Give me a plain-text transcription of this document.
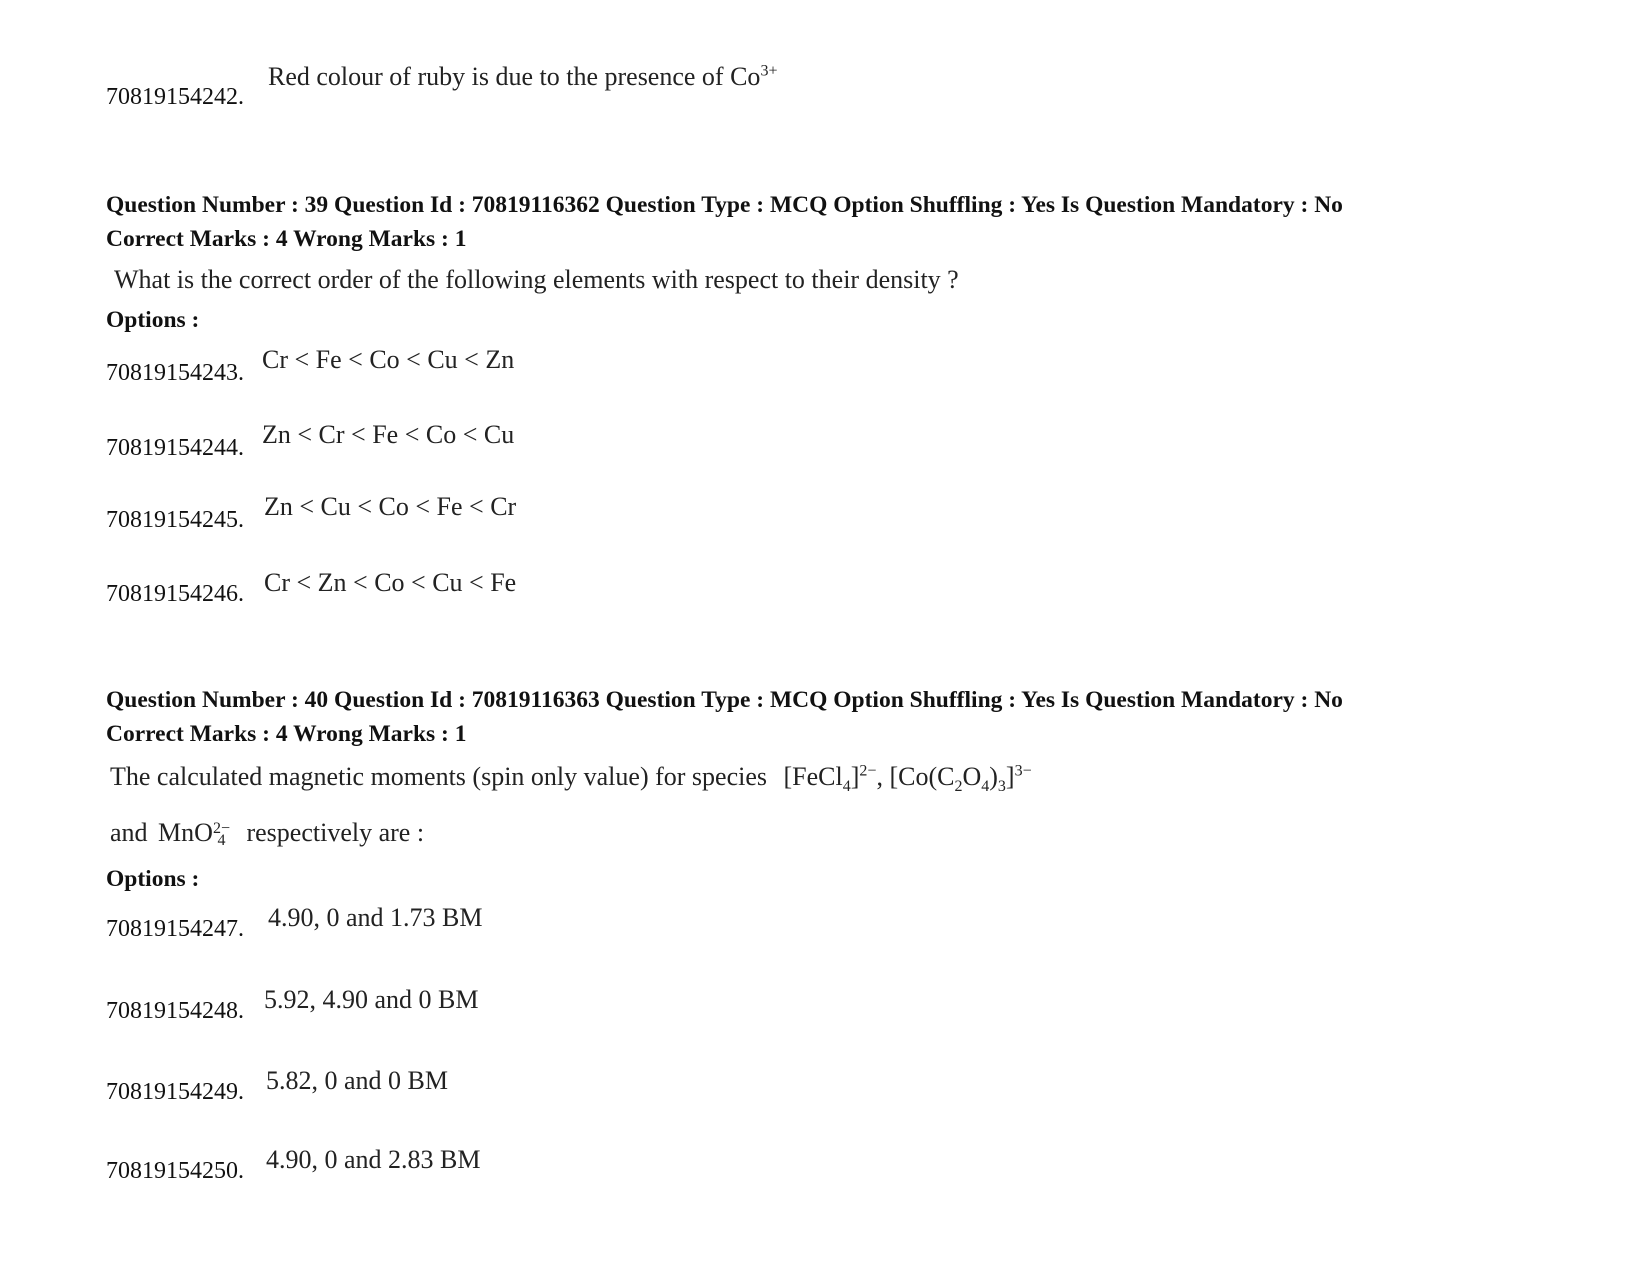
70819154242.
Red colour of ruby is due to the presence of $Co^{3+}$
Question Number : 39 Question Id : 70819116362 Question Type : MCQ Option Shuffling : Yes Is Question Mandatory : No
Correct Marks : 4 Wrong Marks : 1
What is the correct order of the following elements with respect to their density ?
Options :
70819154243. Cr < Fe < Co < Cu < Zn
70819154244. Zn < Cr < Fe < Co < Cu
70819154245. Zn < Cu < Co < Fe < Cr
70819154246. Cr < Zn < Co < Cu < Fe
Question Number : 40 Question Id : 70819116363 Question Type : MCQ Option Shuffling : Yes Is Question Mandatory : No
Correct Marks : 4 Wrong Marks : 1
The calculated magnetic moments (spin only value) for species [FeCl$_4$]$^{2-}$, $[Co(C_2O_4)_3]^{3-}$
and MnO 2−
4 respectively are :
Options :
70819154247. 4.90, 0 and 1.73 BM
70819154248. 5.92, 4.90 and 0 BM
70819154249. 5.82, 0 and 0 BM
70819154250. 4.90, 0 and 2.83 BM
